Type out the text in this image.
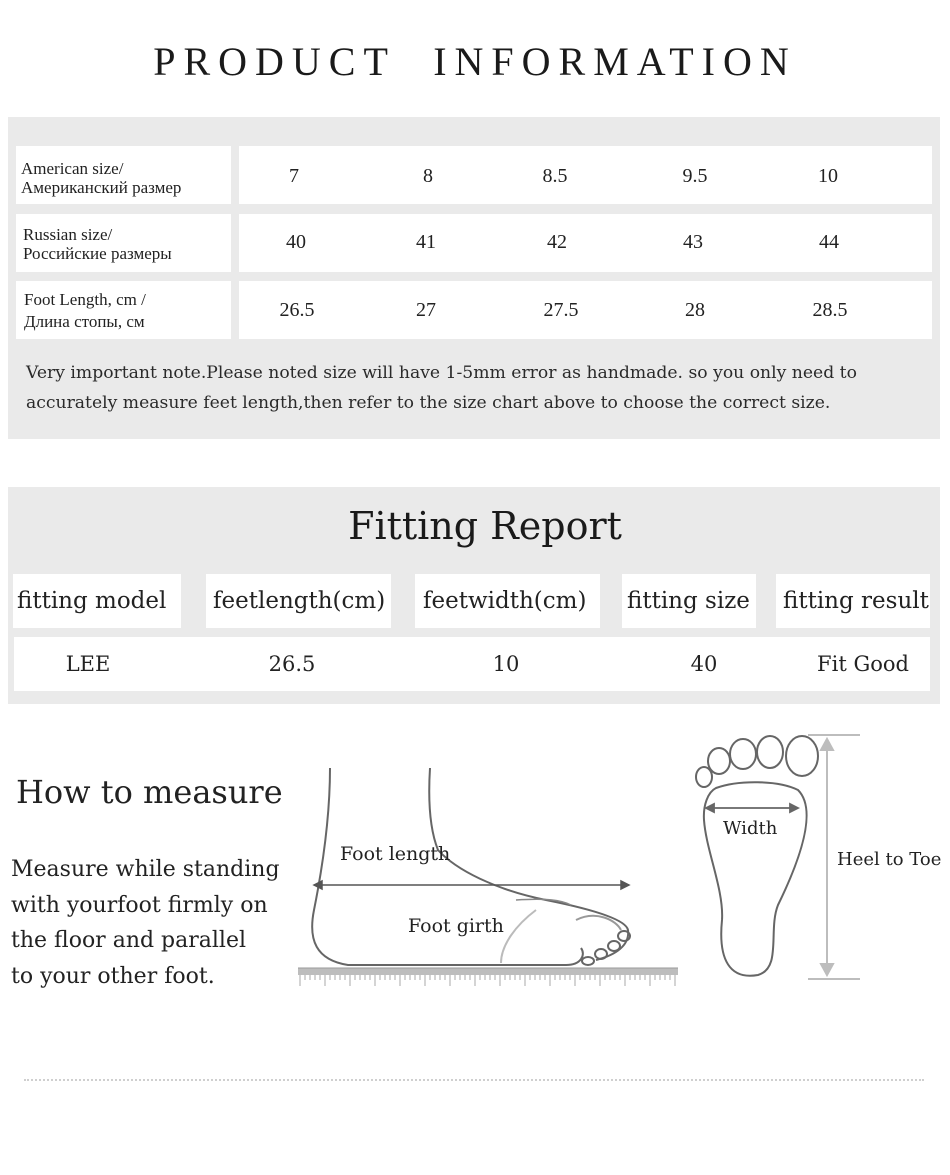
PRODUCT INFORMATION
American size/
Американский размер
7	8	8.5	9.5	10
Russian size/
Российские размеры
40	41	42	43	44
Foot Length, cm /
Длина стопы, см
26.5	27	27.5	28	28.5
Very important note.Please noted size will have 1-5mm error as handmade. so you only need to
accurately measure feet length,then refer to the size chart above to choose the correct size.
Fitting Report
fitting model	feetlength(cm)	feetwidth(cm)	fitting size	fitting result
LEE	26.5	10	40	Fit Good
How to measure
Measure while standing
with yourfoot firmly on
the floor and parallel
to your other foot.
Foot length
Foot girth
Width
Heel to Toe
